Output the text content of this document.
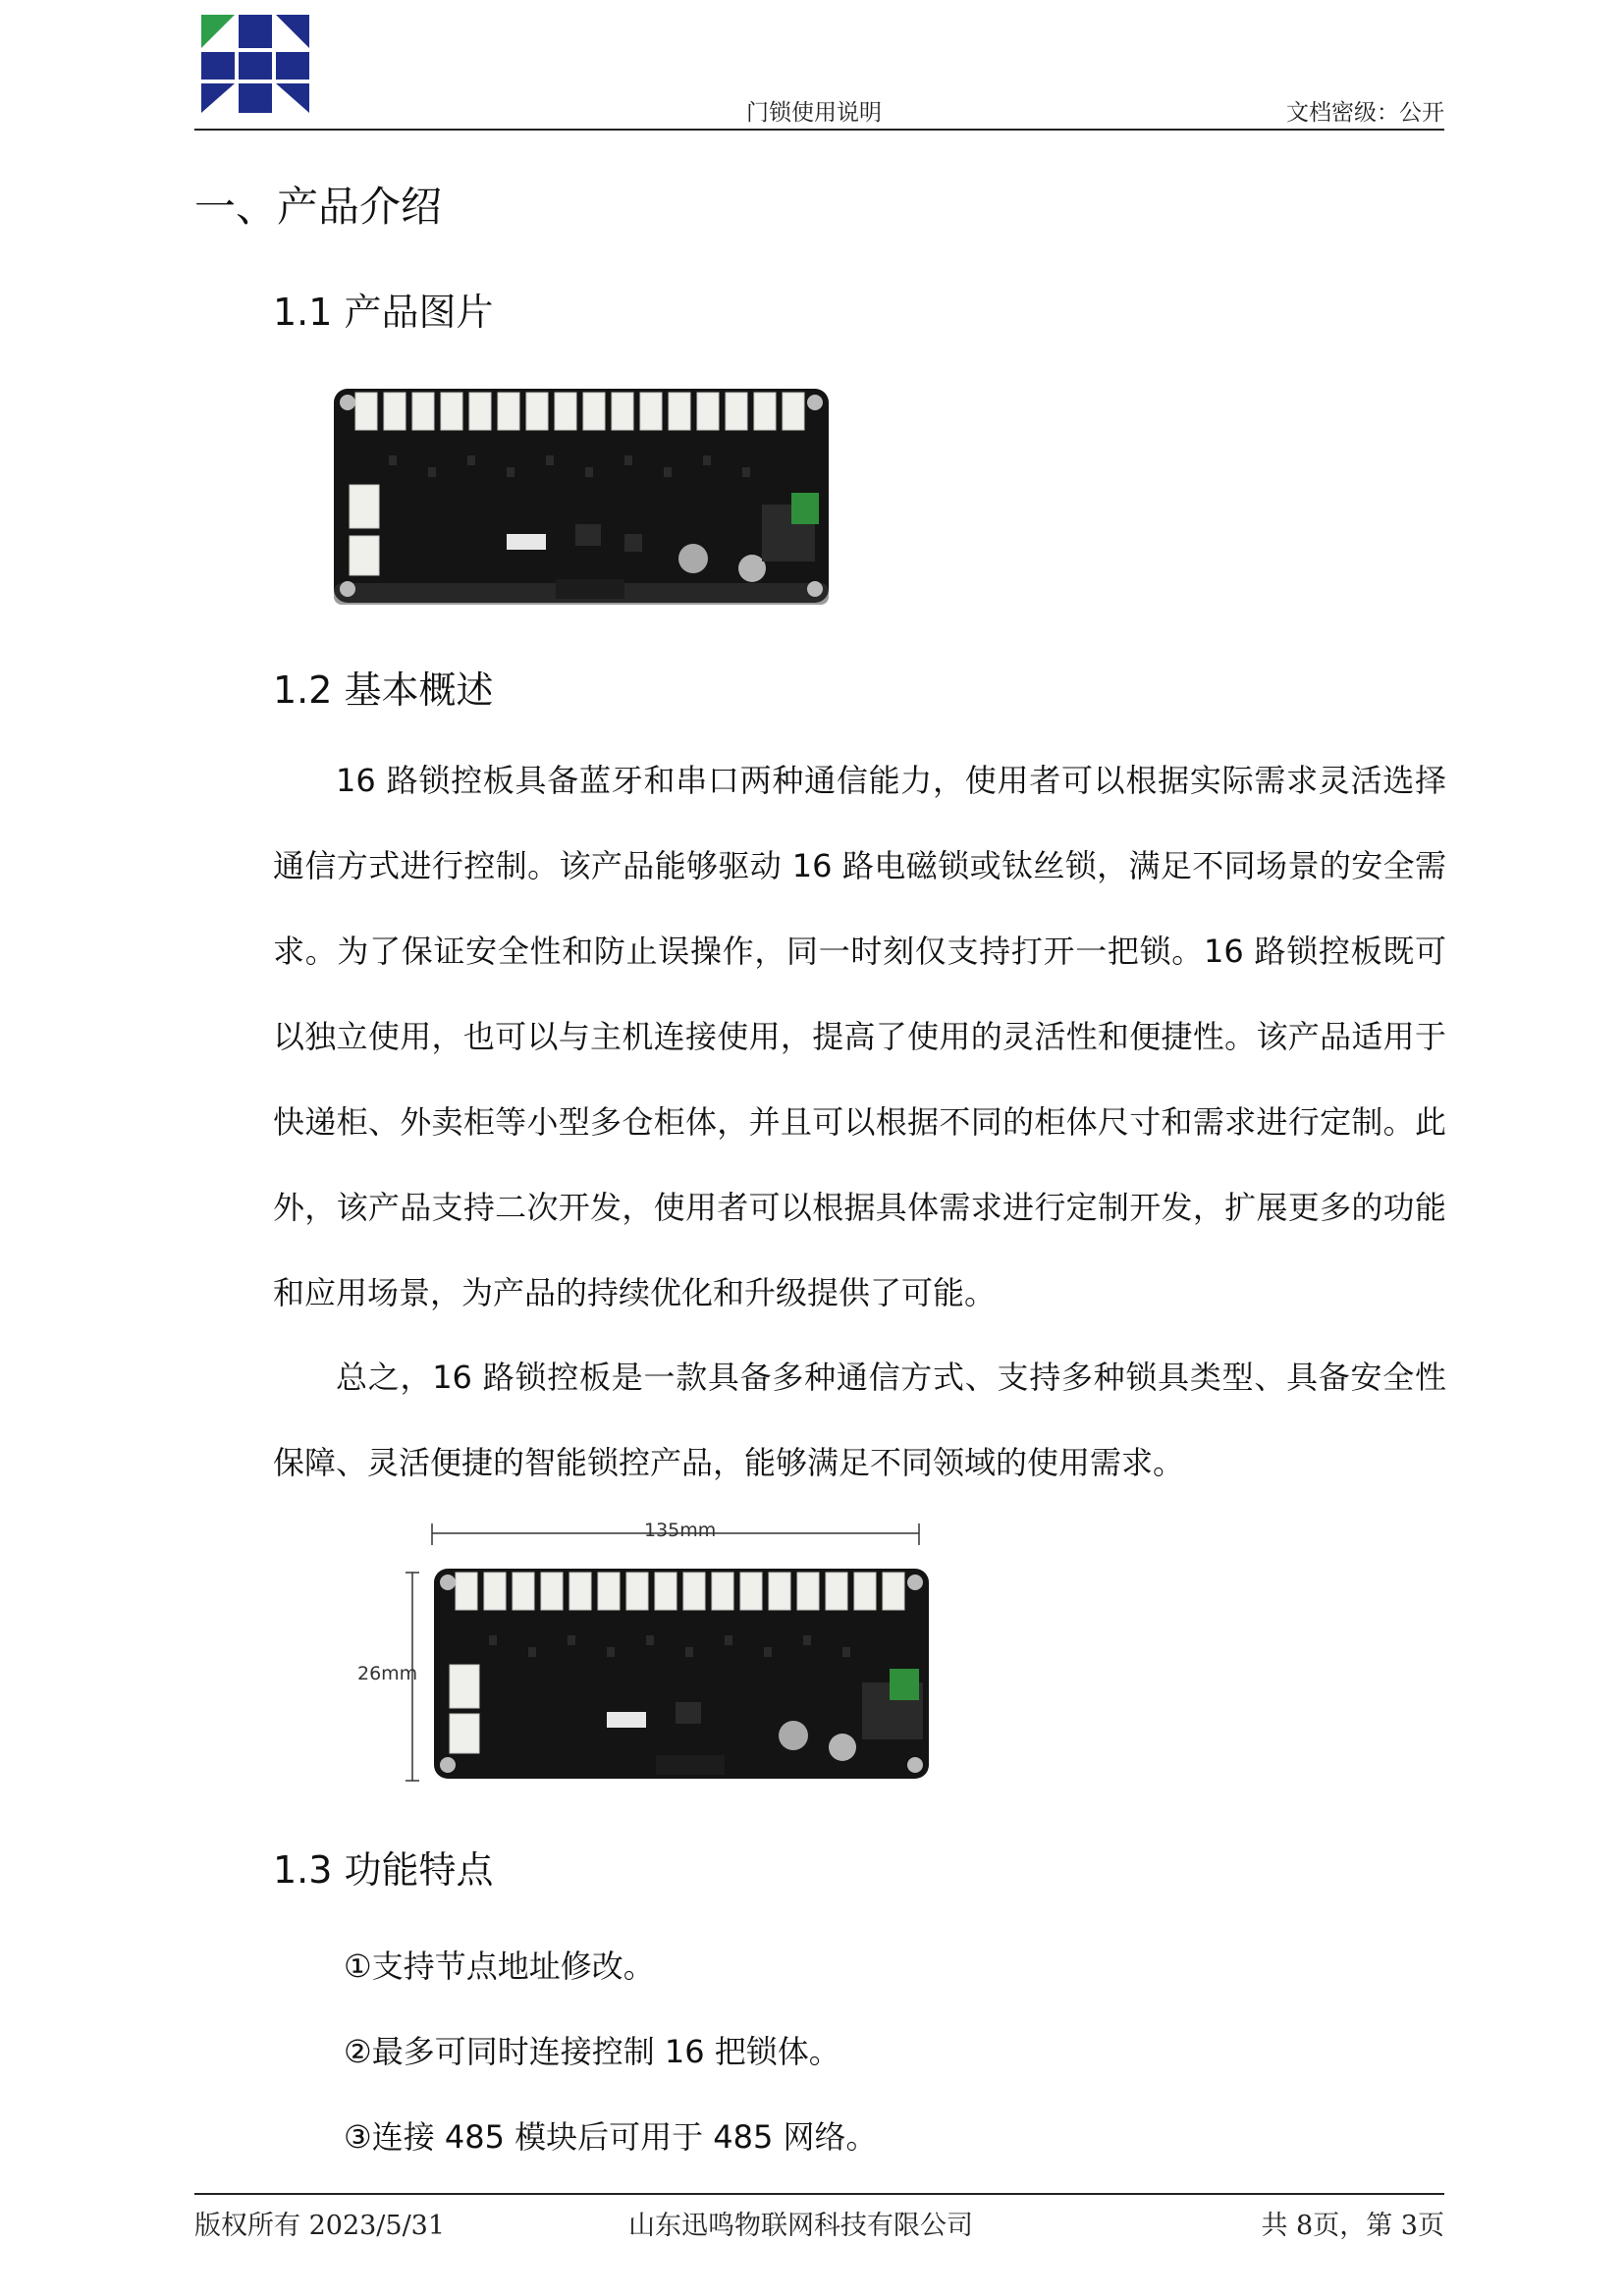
门锁使用说明	文档密级：公开
一、产品介绍
1.1 产品图片
1.2 基本概述
16 路锁控板具备蓝牙和串口两种通信能力，使用者可以根据实际需求灵活选择通信方式进行控制。该产品能够驱动 16 路电磁锁或钛丝锁，满足不同场景的安全需求。为了保证安全性和防止误操作，同一时刻仅支持打开一把锁。16 路锁控板既可以独立使用，也可以与主机连接使用，提高了使用的灵活性和便捷性。该产品适用于快递柜、外卖柜等小型多仓柜体，并且可以根据不同的柜体尺寸和需求进行定制。此外，该产品支持二次开发，使用者可以根据具体需求进行定制开发，扩展更多的功能和应用场景，为产品的持续优化和升级提供了可能。
总之，16 路锁控板是一款具备多种通信方式、支持多种锁具类型、具备安全性保障、灵活便捷的智能锁控产品，能够满足不同领域的使用需求。
135mm
26mm
1.3 功能特点
①支持节点地址修改。
②最多可同时连接控制 16 把锁体。
③连接 485 模块后可用于 485 网络。
版权所有 2023/5/31	山东迅鸣物联网科技有限公司	共 8页，第 3页
